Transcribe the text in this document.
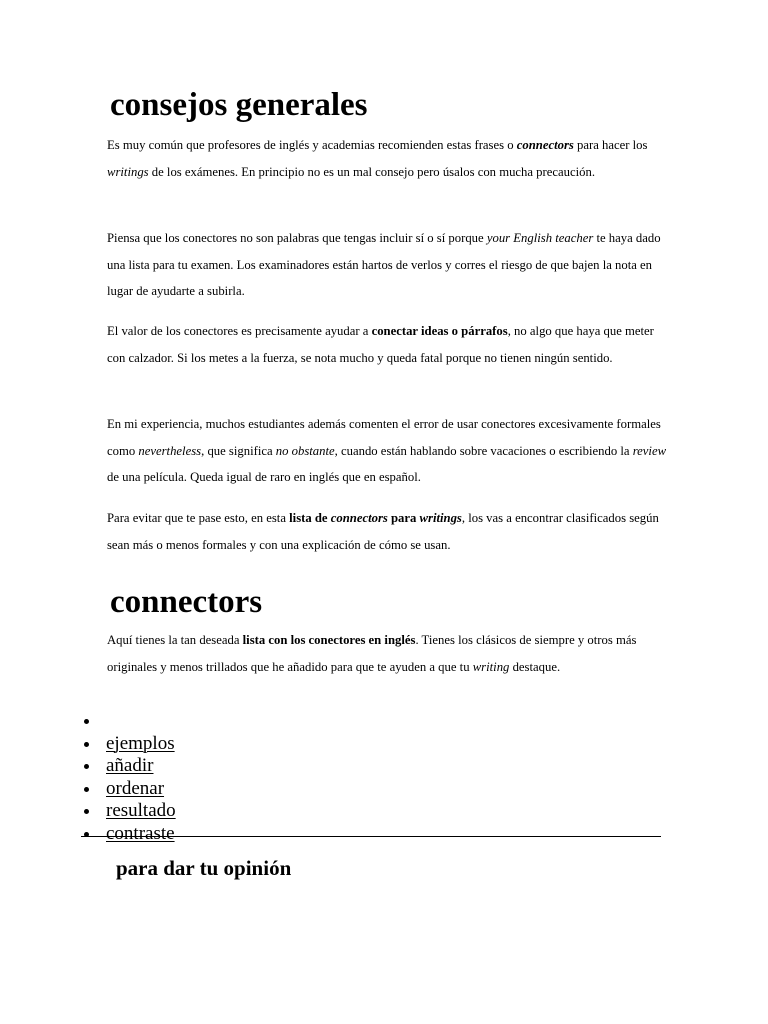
consejos generales

Es muy común que profesores de inglés y academias recomienden estas frases o connectors para hacer los writings de los exámenes. En principio no es un mal consejo pero úsalos con mucha precaución.

Piensa que los conectores no son palabras que tengas incluir sí o sí porque your English teacher te haya dado una lista para tu examen. Los examinadores están hartos de verlos y corres el riesgo de que bajen la nota en lugar de ayudarte a subirla.

El valor de los conectores es precisamente ayudar a conectar ideas o párrafos, no algo que haya que meter con calzador. Si los metes a la fuerza, se nota mucho y queda fatal porque no tienen ningún sentido.

En mi experiencia, muchos estudiantes además comenten el error de usar conectores excesivamente formales como nevertheless, que significa no obstante, cuando están hablando sobre vacaciones o escribiendo la review de una película. Queda igual de raro en inglés que en español.

Para evitar que te pase esto, en esta lista de connectors para writings, los vas a encontrar clasificados según sean más o menos formales y con una explicación de cómo se usan.

connectors

Aquí tienes la tan deseada lista con los conectores en inglés. Tienes los clásicos de siempre y otros más originales y menos trillados que he añadido para que te ayuden a que tu writing destaque.

ejemplos
añadir
ordenar
resultado
contraste
para dar tu opinión
